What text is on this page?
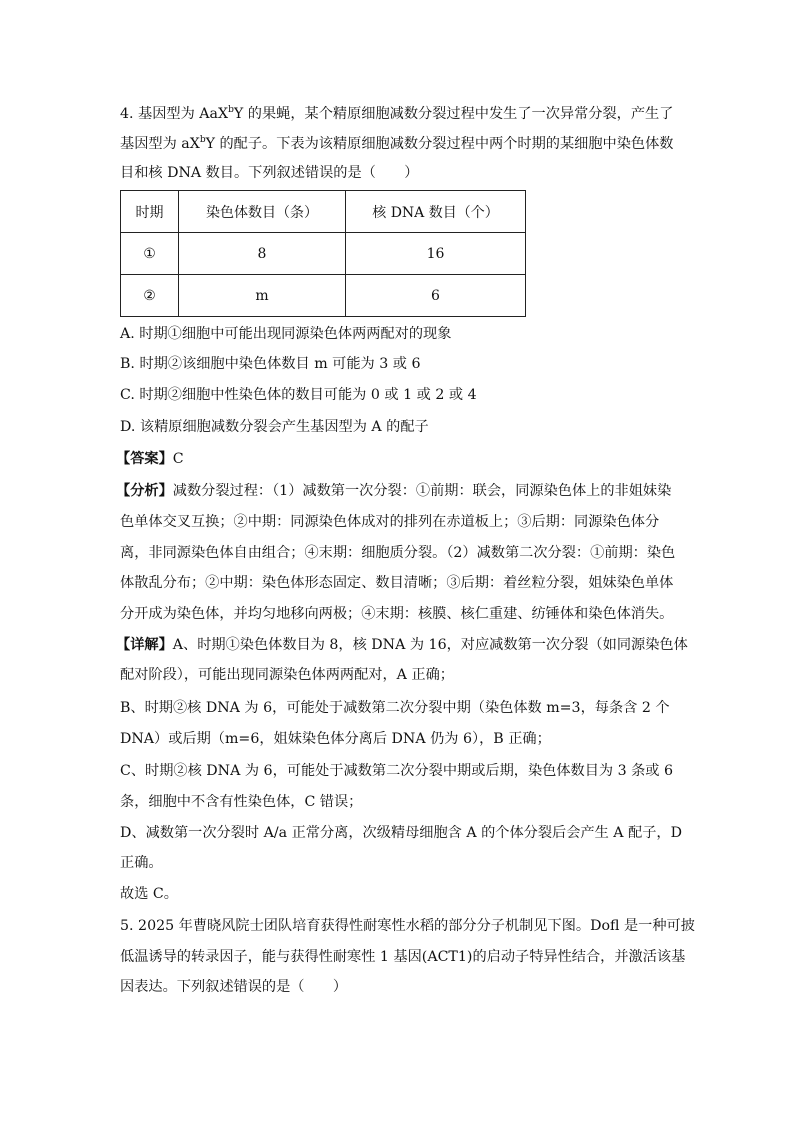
4. 基因型为 AaX$^b$Y 的果蝇，某个精原细胞减数分裂过程中发生了一次异常分裂，产生了
基因型为 $aX^bY$ 的配子。下表为该精原细胞减数分裂过程中两个时期的某细胞中染色体数
目和核 DNA 数目。下列叙述错误的是（　　）
时期	染色体数目（条）	核 DNA 数目（个）
①	8	16
②	m	6
A. 时期①细胞中可能出现同源染色体两两配对的现象
B. 时期②该细胞中染色体数目 m 可能为 3 或 6
C. 时期②细胞中性染色体的数目可能为 0 或 1 或 2 或 4
D. 该精原细胞减数分裂会产生基因型为 A 的配子
【答案】C
【分析】减数分裂过程：（1）减数第一次分裂：①前期：联会，同源染色体上的非姐妹染
色单体交叉互换；②中期：同源染色体成对的排列在赤道板上；③后期：同源染色体分
离，非同源染色体自由组合；④末期：细胞质分裂。（2）减数第二次分裂：①前期：染色
体散乱分布；②中期：染色体形态固定、数目清晰；③后期：着丝粒分裂，姐妹染色单体
分开成为染色体，并均匀地移向两极；④末期：核膜、核仁重建、纺锤体和染色体消失。
【详解】A、时期①染色体数目为 8，核 DNA 为 16，对应减数第一次分裂（如同源染色体
配对阶段），可能出现同源染色体两两配对，A 正确；
B、时期②核 DNA 为 6，可能处于减数第二次分裂中期（染色体数 m=3，每条含 2 个
DNA）或后期（m=6，姐妹染色体分离后 DNA 仍为 6），B 正确；
C、时期②核 DNA 为 6，可能处于减数第二次分裂中期或后期，染色体数目为 3 条或 6
条，细胞中不含有性染色体，C 错误；
D、减数第一次分裂时 A/a 正常分离，次级精母细胞含 A 的个体分裂后会产生 A 配子，D
正确。
故选 C。
5. 2025 年曹晓风院士团队培育获得性耐寒性水稻的部分分子机制见下图。Dofl 是一种可披
低温诱导的转录因子，能与获得性耐寒性 1 基因(ACT1)的启动子特异性结合，并激活该基
因表达。下列叙述错误的是（　　）
